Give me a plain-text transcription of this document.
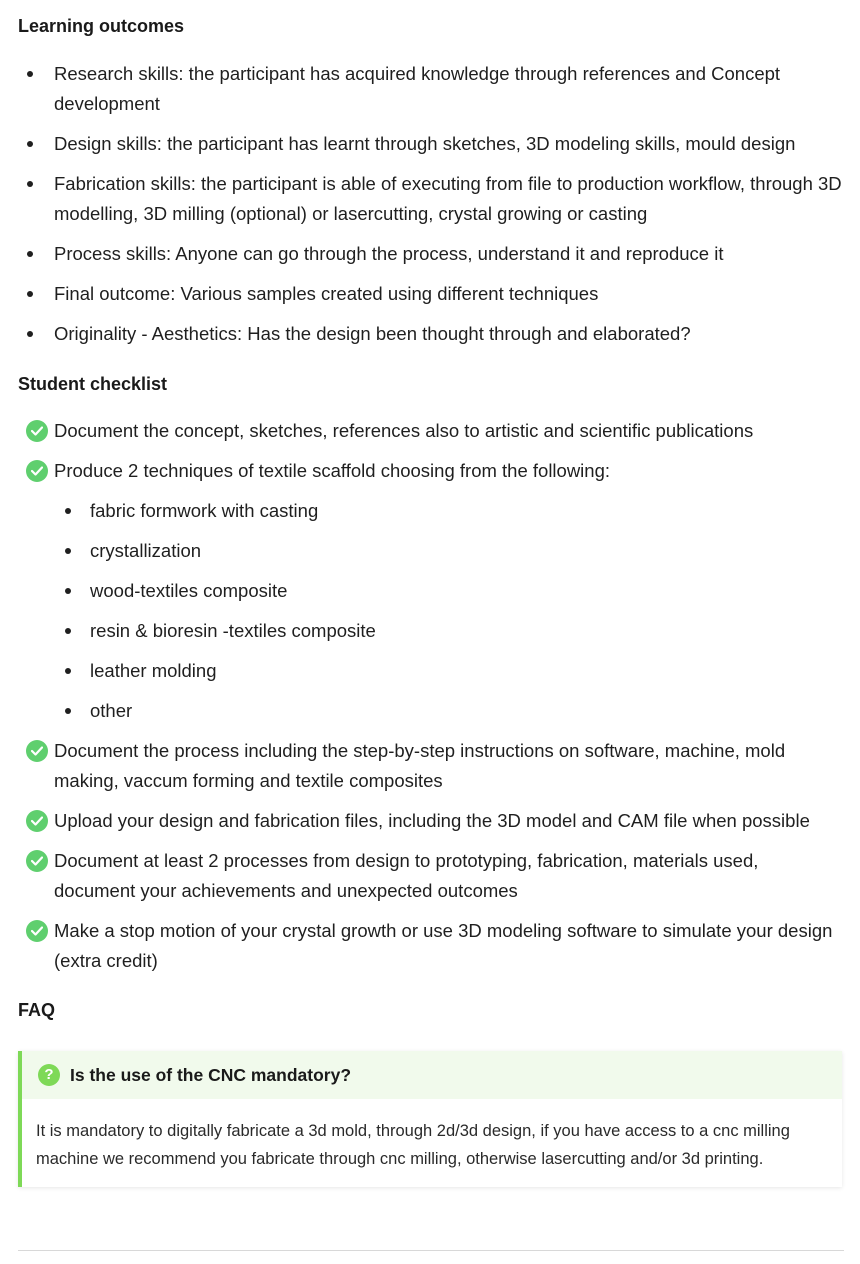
Learning outcomes
Research skills: the participant has acquired knowledge through references and Concept development
Design skills: the participant has learnt through sketches, 3D modeling skills, mould design
Fabrication skills: the participant is able of executing from file to production workflow, through 3D modelling, 3D milling (optional) or lasercutting, crystal growing or casting
Process skills: Anyone can go through the process, understand it and reproduce it
Final outcome: Various samples created using different techniques
Originality - Aesthetics: Has the design been thought through and elaborated?
Student checklist
Document the concept, sketches, references also to artistic and scientific publications
Produce 2 techniques of textile scaffold choosing from the following:
fabric formwork with casting
crystallization
wood-textiles composite
resin & bioresin -textiles composite
leather molding
other
Document the process including the step-by-step instructions on software, machine, mold making, vaccum forming and textile composites
Upload your design and fabrication files, including the 3D model and CAM file when possible
Document at least 2 processes from design to prototyping, fabrication, materials used, document your achievements and unexpected outcomes
Make a stop motion of your crystal growth or use 3D modeling software to simulate your design (extra credit)
FAQ
? Is the use of the CNC mandatory?
It is mandatory to digitally fabricate a 3d mold, through 2d/3d design, if you have access to a cnc milling machine we recommend you fabricate through cnc milling, otherwise lasercutting and/or 3d printing.
